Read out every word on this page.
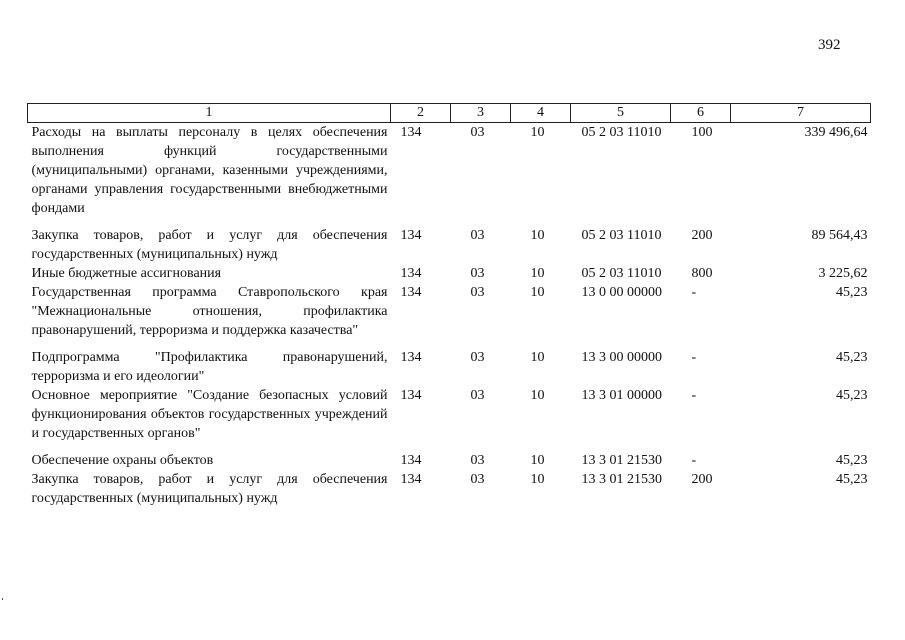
392
1	2	3	4	5	6	7
Расходы на выплаты персоналу в целях обеспечения выполнения функций государственными (муниципальными) органами, казенными учреждениями, органами управления государственными внебюджетными фондами	134	03	10	05 2 03 11010	100	339 496,64
Закупка товаров, работ и услуг для обеспечения государственных (муниципальных) нужд	134	03	10	05 2 03 11010	200	89 564,43
Иные бюджетные ассигнования	134	03	10	05 2 03 11010	800	3 225,62
Государственная программа Ставропольского края "Межнациональные отношения, профилактика правонарушений, терроризма и поддержка казачества"	134	03	10	13 0 00 00000	-	45,23
Подпрограмма "Профилактика правонарушений, терроризма и его идеологии"	134	03	10	13 3 00 00000	-	45,23
Основное мероприятие "Создание безопасных условий функционирования объектов государственных учреждений и государственных органов"	134	03	10	13 3 01 00000	-	45,23
Обеспечение охраны объектов	134	03	10	13 3 01 21530	-	45,23
Закупка товаров, работ и услуг для обеспечения государственных (муниципальных) нужд	134	03	10	13 3 01 21530	200	45,23
